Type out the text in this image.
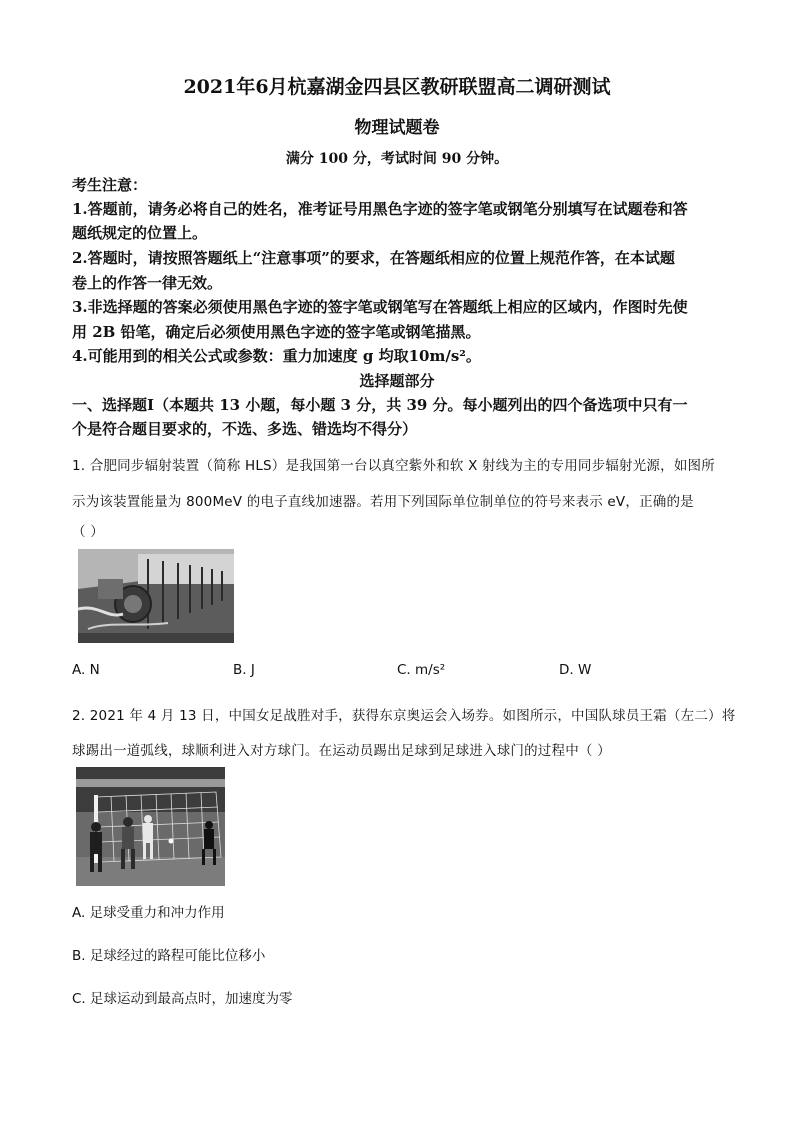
2021年6月杭嘉湖金四县区教研联盟高二调研测试
物理试题卷
满分 100 分，考试时间 90 分钟。
考生注意：
1.答题前，请务必将自己的姓名，准考证号用黑色字迹的签字笔或钢笔分别填写在试题卷和答
题纸规定的位置上。
2.答题时，请按照答题纸上“注意事项”的要求，在答题纸相应的位置上规范作答，在本试题
卷上的作答一律无效。
3.非选择题的答案必须使用黑色字迹的签字笔或钢笔写在答题纸上相应的区域内，作图时先使
用 2B 铅笔，确定后必须使用黑色字迹的签字笔或钢笔描黑。
4.可能用到的相关公式或参数：重力加速度 g 均取10m/s²。
选择题部分
一、选择题Ⅰ（本题共 13 小题，每小题 3 分，共 39 分。每小题列出的四个备选项中只有一
个是符合题目要求的，不选、多选、错选均不得分）
1. 合肥同步辐射装置（简称 HLS）是我国第一台以真空紫外和软 X 射线为主的专用同步辐射光源，如图所
示为该装置能量为 800MeV 的电子直线加速器。若用下列国际单位制单位的符号来表示 eV，正确的是
（ ）
A. N	B. J	C. m/s²	D. W
2. 2021 年 4 月 13 日，中国女足战胜对手，获得东京奥运会入场券。如图所示，中国队球员王霜（左二）将
球踢出一道弧线，球顺利进入对方球门。在运动员踢出足球到足球进入球门的过程中（ ）
A. 足球受重力和冲力作用
B. 足球经过的路程可能比位移小
C. 足球运动到最高点时，加速度为零
